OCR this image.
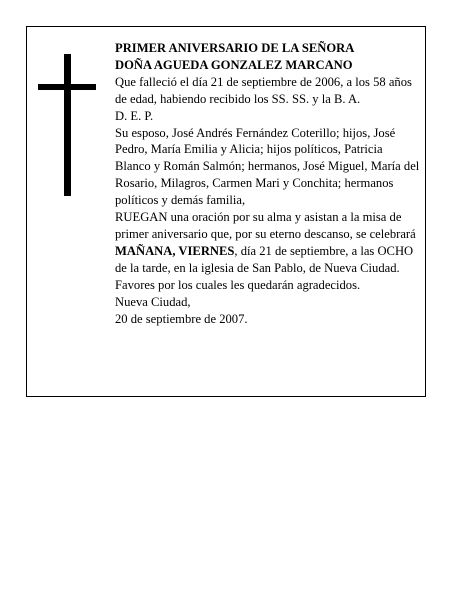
PRIMER ANIVERSARIO DE LA SEÑORA
DOÑA AGUEDA GONZALEZ MARCANO

Que falleció el día 21 de septiembre de 2006, a los 58 años de edad, habiendo recibido los SS. SS. y la B. A.

D. E. P.

Su esposo, José Andrés Fernández Coterillo; hijos, José Pedro, María Emilia y Alicia; hijos políticos, Patricia Blanco y Román Salmón; hermanos, José Miguel, María del Rosario, Milagros, Carmen Mari y Conchita; hermanos políticos y demás familia,

RUEGAN una oración por su alma y asistan a la misa de primer aniversario que, por su eterno descanso, se celebrará MAÑANA, VIERNES, día 21 de septiembre, a las OCHO de la tarde, en la iglesia de San Pablo, de Nueva Ciudad. Favores por los cuales les quedarán agradecidos.

Nueva Ciudad,

20 de septiembre de 2007.
